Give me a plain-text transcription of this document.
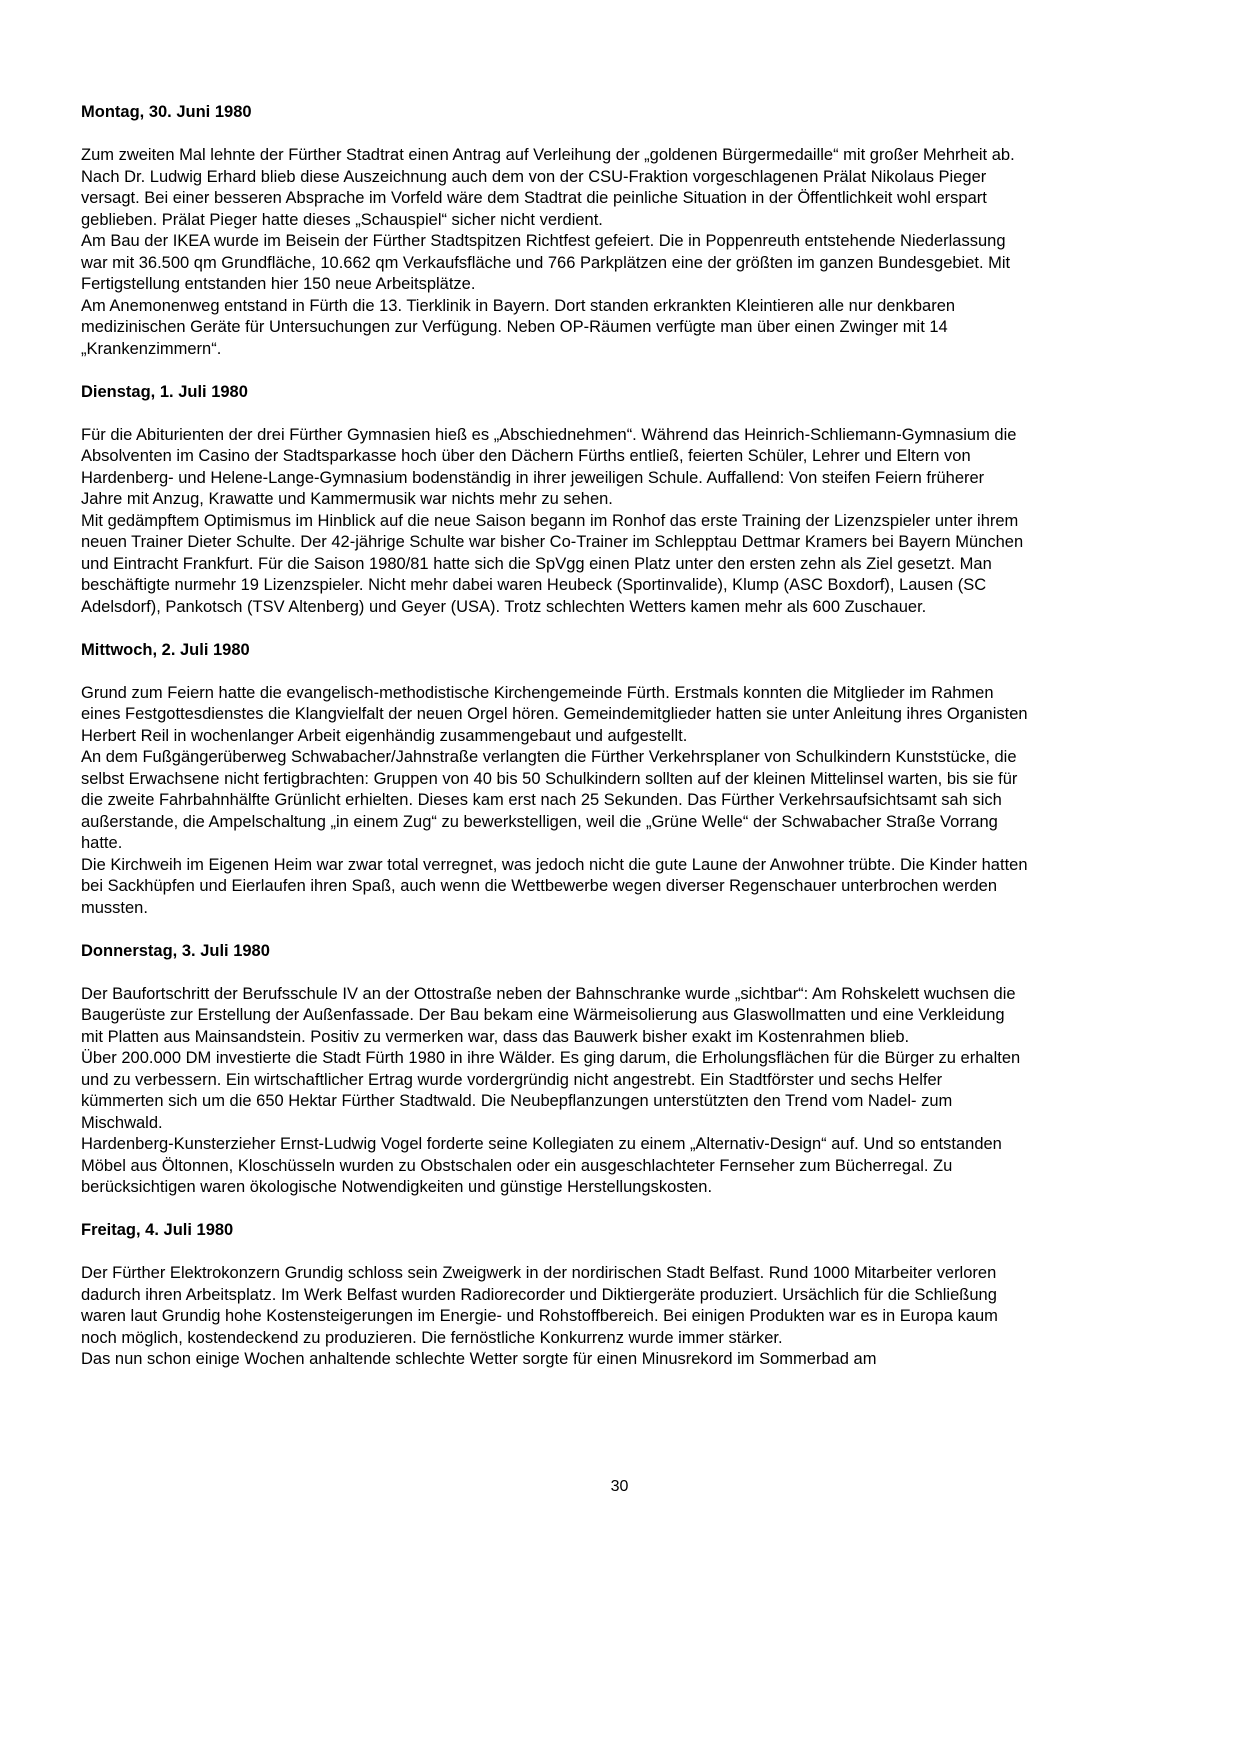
Montag, 30. Juni 1980

Zum zweiten Mal lehnte der Fürther Stadtrat einen Antrag auf Verleihung der „goldenen Bürgermedaille“ mit großer Mehrheit ab. Nach Dr. Ludwig Erhard blieb diese Auszeichnung auch dem von der CSU-Fraktion vorgeschlagenen Prälat Nikolaus Pieger versagt. Bei einer besseren Absprache im Vorfeld wäre dem Stadtrat die peinliche Situation in der Öffentlichkeit wohl erspart geblieben. Prälat Pieger hatte dieses „Schauspiel“ sicher nicht verdient.

Am Bau der IKEA wurde im Beisein der Fürther Stadtspitzen Richtfest gefeiert. Die in Poppenreuth entstehende Niederlassung war mit 36.500 qm Grundfläche, 10.662 qm Verkaufsfläche und 766 Parkplätzen eine der größten im ganzen Bundesgebiet. Mit Fertigstellung entstanden hier 150 neue Arbeitsplätze.

Am Anemonenweg entstand in Fürth die 13. Tierklinik in Bayern. Dort standen erkrankten Kleintieren alle nur denkbaren medizinischen Geräte für Untersuchungen zur Verfügung. Neben OP-Räumen verfügte man über einen Zwinger mit 14 „Krankenzimmern“.

Dienstag, 1. Juli 1980

Für die Abiturienten der drei Fürther Gymnasien hieß es „Abschiednehmen“. Während das Heinrich-Schliemann-Gymnasium die Absolventen im Casino der Stadtsparkasse hoch über den Dächern Fürths entließ, feierten Schüler, Lehrer und Eltern von Hardenberg- und Helene-Lange-Gymnasium bodenständig in ihrer jeweiligen Schule. Auffallend: Von steifen Feiern früherer Jahre mit Anzug, Krawatte und Kammermusik war nichts mehr zu sehen.

Mit gedämpftem Optimismus im Hinblick auf die neue Saison begann im Ronhof das erste Training der Lizenzspieler unter ihrem neuen Trainer Dieter Schulte. Der 42-jährige Schulte war bisher Co-Trainer im Schlepptau Dettmar Kramers bei Bayern München und Eintracht Frankfurt. Für die Saison 1980/81 hatte sich die SpVgg einen Platz unter den ersten zehn als Ziel gesetzt. Man beschäftigte nurmehr 19 Lizenzspieler. Nicht mehr dabei waren Heubeck (Sportinvalide), Klump (ASC Boxdorf), Lausen (SC Adelsdorf), Pankotsch (TSV Altenberg) und Geyer (USA). Trotz schlechten Wetters kamen mehr als 600 Zuschauer.

Mittwoch, 2. Juli 1980

Grund zum Feiern hatte die evangelisch-methodistische Kirchengemeinde Fürth. Erstmals konnten die Mitglieder im Rahmen eines Festgottesdienstes die Klangvielfalt der neuen Orgel hören. Gemeindemitglieder hatten sie unter Anleitung ihres Organisten Herbert Reil in wochenlanger Arbeit eigenhändig zusammengebaut und aufgestellt.

An dem Fußgängerüberweg Schwabacher/Jahnstraße verlangten die Fürther Verkehrsplaner von Schulkindern Kunststücke, die selbst Erwachsene nicht fertigbrachten: Gruppen von 40 bis 50 Schulkindern sollten auf der kleinen Mittelinsel warten, bis sie für die zweite Fahrbahnhälfte Grünlicht erhielten. Dieses kam erst nach 25 Sekunden. Das Fürther Verkehrsaufsichtsamt sah sich außerstande, die Ampelschaltung „in einem Zug“ zu bewerkstelligen, weil die „Grüne Welle“ der Schwabacher Straße Vorrang hatte.

Die Kirchweih im Eigenen Heim war zwar total verregnet, was jedoch nicht die gute Laune der Anwohner trübte. Die Kinder hatten bei Sackhüpfen und Eierlaufen ihren Spaß, auch wenn die Wettbewerbe wegen diverser Regenschauer unterbrochen werden mussten.

Donnerstag, 3. Juli 1980

Der Baufortschritt der Berufsschule IV an der Ottostraße neben der Bahnschranke wurde „sichtbar“: Am Rohskelett wuchsen die Baugerüste zur Erstellung der Außenfassade. Der Bau bekam eine Wärmeisolierung aus Glaswollmatten und eine Verkleidung mit Platten aus Mainsandstein. Positiv zu vermerken war, dass das Bauwerk bisher exakt im Kostenrahmen blieb.

Über 200.000 DM investierte die Stadt Fürth 1980 in ihre Wälder. Es ging darum, die Erholungsflächen für die Bürger zu erhalten und zu verbessern. Ein wirtschaftlicher Ertrag wurde vordergründig nicht angestrebt. Ein Stadtförster und sechs Helfer kümmerten sich um die 650 Hektar Fürther Stadtwald. Die Neubepflanzungen unterstützten den Trend vom Nadel- zum Mischwald.

Hardenberg-Kunsterzieher Ernst-Ludwig Vogel forderte seine Kollegiaten zu einem „Alternativ-Design“ auf. Und so entstanden Möbel aus Öltonnen, Kloschüsseln wurden zu Obstschalen oder ein ausgeschlachteter Fernseher zum Bücherregal. Zu berücksichtigen waren ökologische Notwendigkeiten und günstige Herstellungskosten.

Freitag, 4. Juli 1980

Der Fürther Elektrokonzern Grundig schloss sein Zweigwerk in der nordirischen Stadt Belfast. Rund 1000 Mitarbeiter verloren dadurch ihren Arbeitsplatz. Im Werk Belfast wurden Radiorecorder und Diktiergeräte produziert. Ursächlich für die Schließung waren laut Grundig hohe Kostensteigerungen im Energie- und Rohstoffbereich. Bei einigen Produkten war es in Europa kaum noch möglich, kostendeckend zu produzieren. Die fernöstliche Konkurrenz wurde immer stärker.

Das nun schon einige Wochen anhaltende schlechte Wetter sorgte für einen Minusrekord im Sommerbad am

30
